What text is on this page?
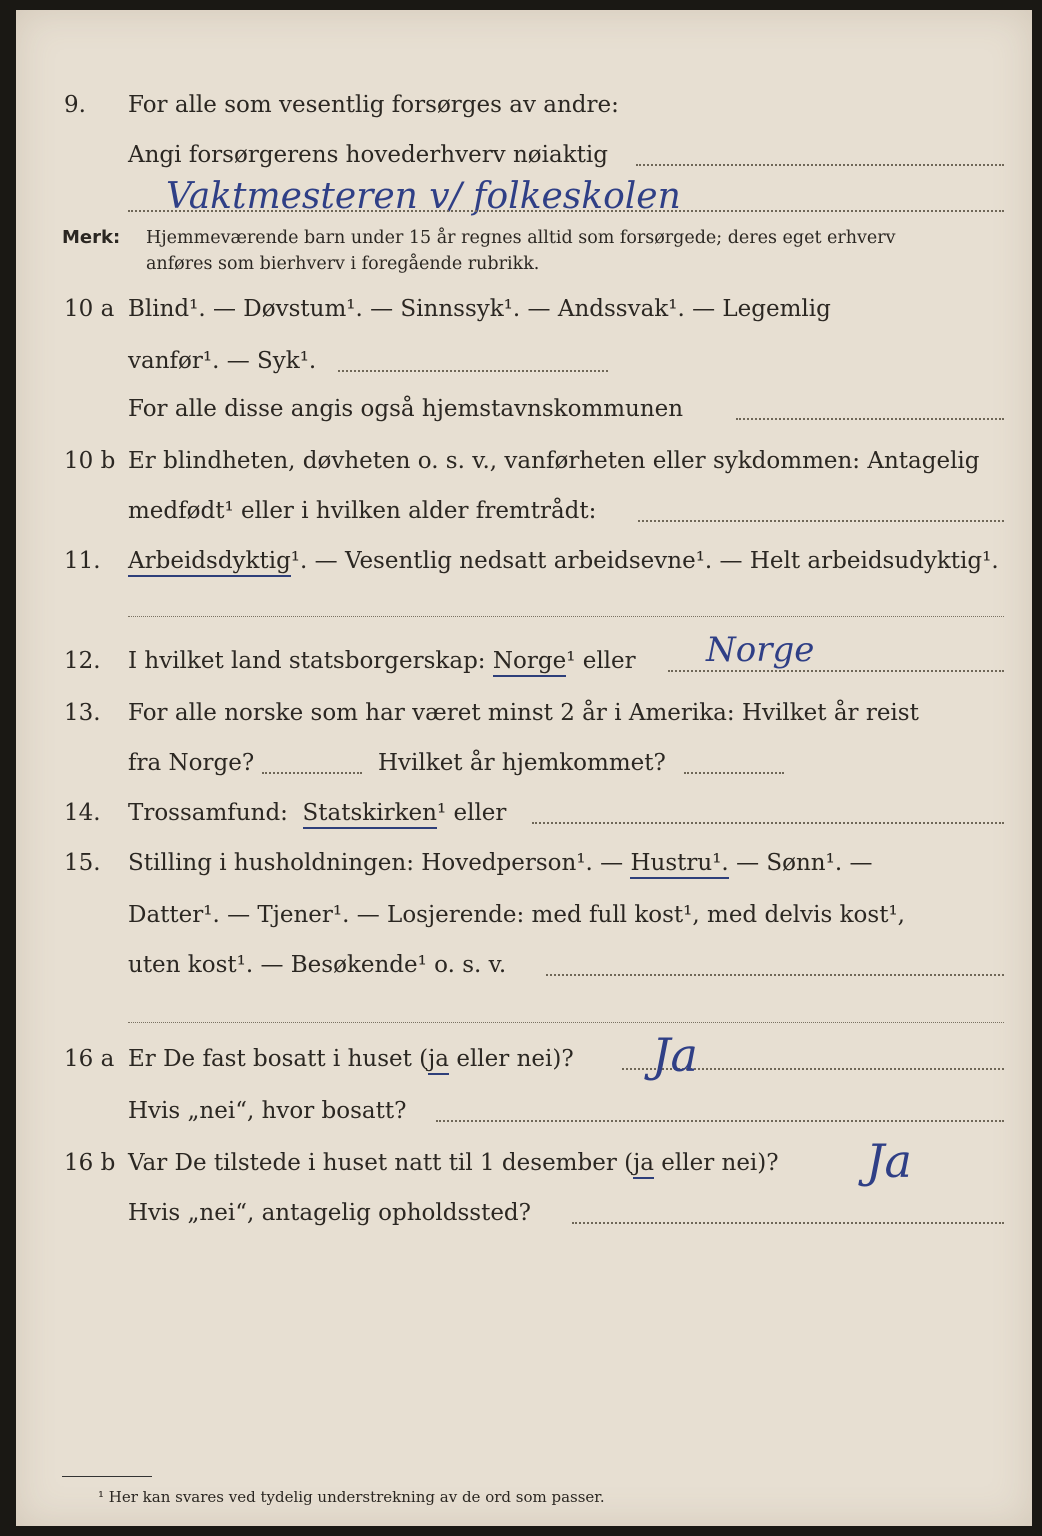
9. For alle som vesentlig forsørges av andre:
Angi forsørgerens hovederhverv nøiaktig
Vaktmesteren v/ folkeskolen
Merk: Hjemmeværende barn under 15 år regnes alltid som forsørgede; deres eget erhverv
anføres som bierhverv i foregående rubrikk.
10 a Blind¹. — Døvstum¹. — Sinnssyk¹. — Andssvak¹. — Legemlig
vanfør¹. — Syk¹.
For alle disse angis også hjemstavnskommunen
10 b Er blindheten, døvheten o. s. v., vanførheten eller sykdommen: Antagelig
medfødt¹ eller i hvilken alder fremtrådt:
11. Arbeidsdyktig¹. — Vesentlig nedsatt arbeidsevne¹. — Helt arbeidsudyktig¹.
12. I hvilket land statsborgerskap: Norge¹ eller Norge
13. For alle norske som har været minst 2 år i Amerika: Hvilket år reist
fra Norge?	Hvilket år hjemkommet?
14. Trossamfund: Statskirken¹ eller
15. Stilling i husholdningen: Hovedperson¹. — Hustru¹. — Sønn¹. —
Datter¹. — Tjener¹. — Losjerende: med full kost¹, med delvis kost¹,
uten kost¹. — Besøkende¹ o. s. v.
16 a Er De fast bosatt i huset (ja eller nei)? Ja
Hvis „nei“, hvor bosatt?
16 b Var De tilstede i huset natt til 1 desember (ja eller nei)? Ja
Hvis „nei“, antagelig opholdssted?
¹ Her kan svares ved tydelig understrekning av de ord som passer.
